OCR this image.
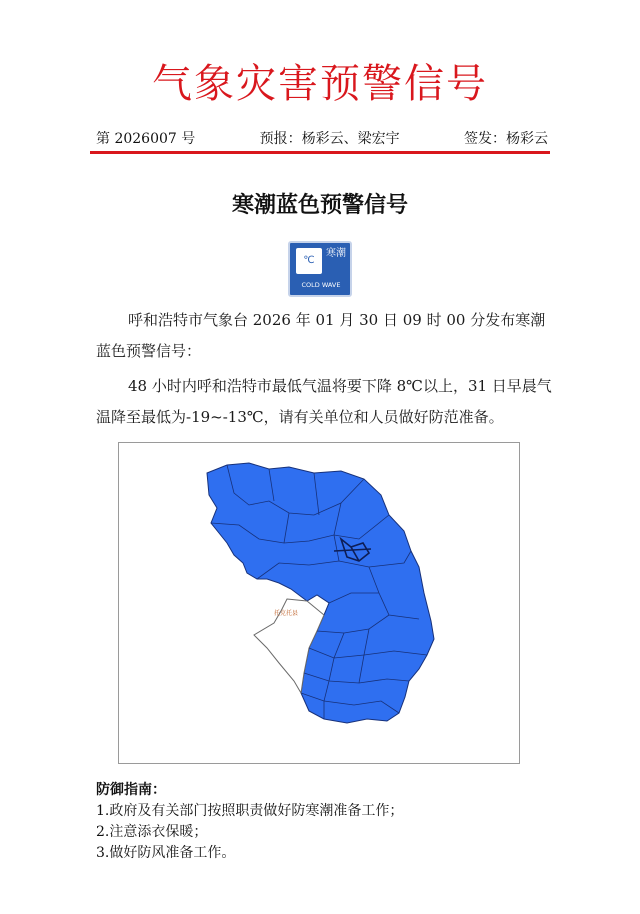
气象灾害预警信号
第 2026007 号	预报：杨彩云、梁宏宇	签发：杨彩云
寒潮蓝色预警信号
℃
寒潮
COLD WAVE
呼和浩特市气象台 2026 年 01 月 30 日 09 时 00 分发布寒潮蓝色预警信号：
48 小时内呼和浩特市最低气温将要下降 8℃以上，31 日早晨气温降至最低为-19~-13℃，请有关单位和人员做好防范准备。
托克托县
防御指南：
1.政府及有关部门按照职责做好防寒潮准备工作；
2.注意添衣保暖；
3.做好防风准备工作。
